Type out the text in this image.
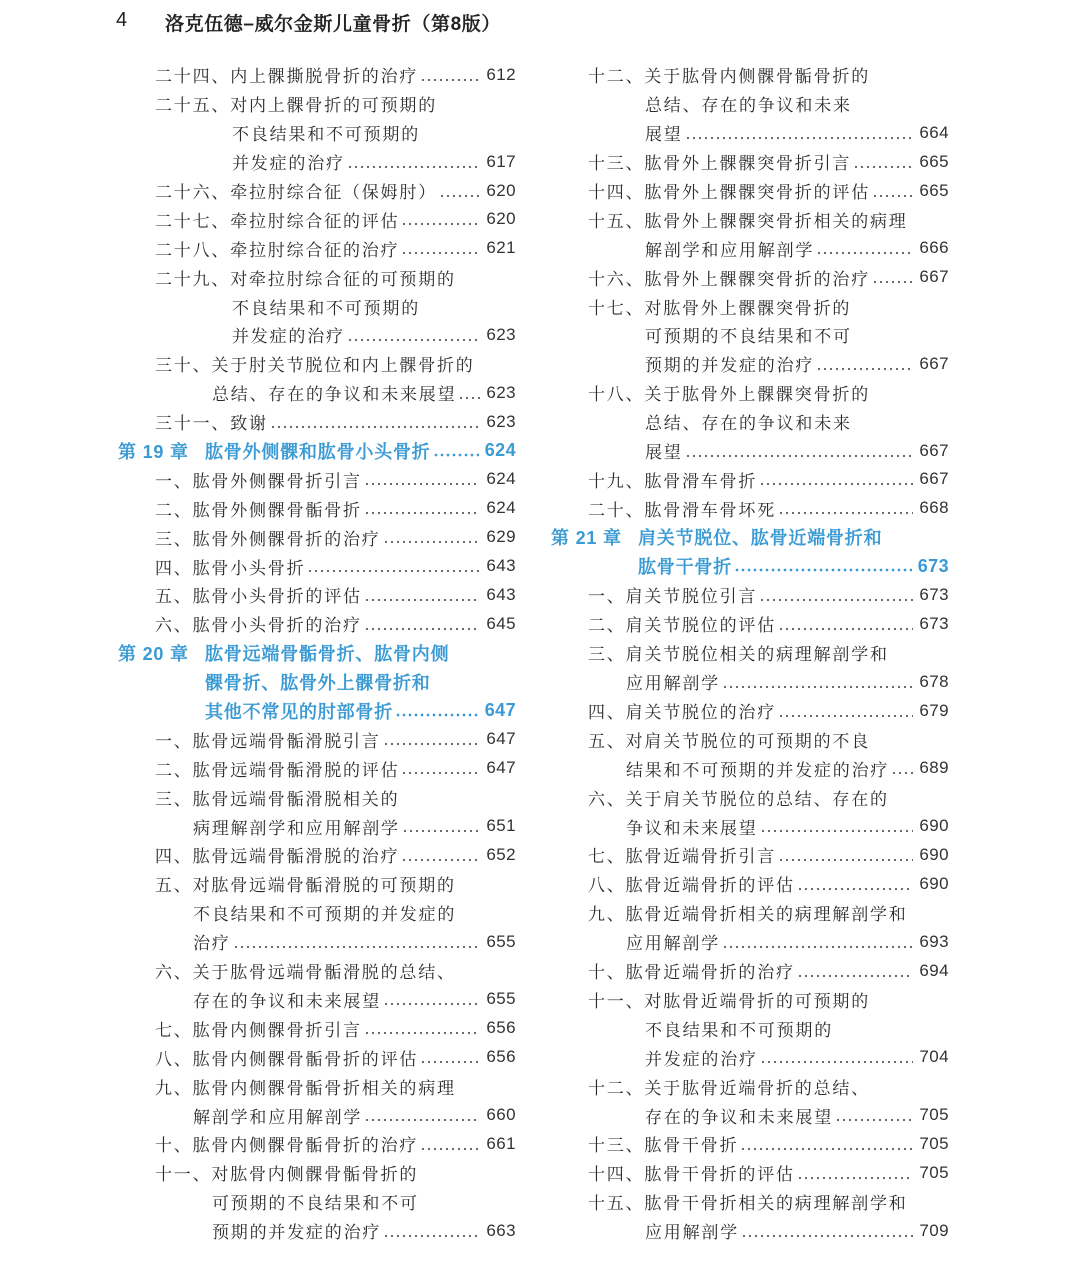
4 洛克伍德–威尔金斯儿童骨折（第8版）
二十四、内上髁撕脱骨折的治疗	612
二十五、对内上髁骨折的可预期的
不良结果和不可预期的
并发症的治疗	617
二十六、牵拉肘综合征（保姆肘）	620
二十七、牵拉肘综合征的评估	620
二十八、牵拉肘综合征的治疗	621
二十九、对牵拉肘综合征的可预期的
不良结果和不可预期的
并发症的治疗	623
三十、关于肘关节脱位和内上髁骨折的
总结、存在的争议和未来展望 623
三十一、致谢	623
第 19 章 肱骨外侧髁和肱骨小头骨折	624
一、肱骨外侧髁骨折引言	624
二、肱骨外侧髁骨骺骨折	624
三、肱骨外侧髁骨折的治疗	629
四、肱骨小头骨折	643
五、肱骨小头骨折的评估	643
六、肱骨小头骨折的治疗	645
第 20 章 肱骨远端骨骺骨折、肱骨内侧
髁骨折、肱骨外上髁骨折和
其他不常见的肘部骨折	647
一、肱骨远端骨骺滑脱引言	647
二、肱骨远端骨骺滑脱的评估	647
三、肱骨远端骨骺滑脱相关的
病理解剖学和应用解剖学	651
四、肱骨远端骨骺滑脱的治疗	652
五、对肱骨远端骨骺滑脱的可预期的
不良结果和不可预期的并发症的
治疗	655
六、关于肱骨远端骨骺滑脱的总结、
存在的争议和未来展望	655
七、肱骨内侧髁骨折引言	656
八、肱骨内侧髁骨骺骨折的评估	656
九、肱骨内侧髁骨骺骨折相关的病理
解剖学和应用解剖学	660
十、肱骨内侧髁骨骺骨折的治疗	661
十一、对肱骨内侧髁骨骺骨折的
可预期的不良结果和不可
预期的并发症的治疗	663
十二、关于肱骨内侧髁骨骺骨折的
总结、存在的争议和未来
展望	664
十三、肱骨外上髁髁突骨折引言	665
十四、肱骨外上髁髁突骨折的评估	665
十五、肱骨外上髁髁突骨折相关的病理
解剖学和应用解剖学	666
十六、肱骨外上髁髁突骨折的治疗	667
十七、对肱骨外上髁髁突骨折的
可预期的不良结果和不可
预期的并发症的治疗	667
十八、关于肱骨外上髁髁突骨折的
总结、存在的争议和未来
展望	667
十九、肱骨滑车骨折	667
二十、肱骨滑车骨坏死	668
第 21 章 肩关节脱位、肱骨近端骨折和
肱骨干骨折	673
一、肩关节脱位引言	673
二、肩关节脱位的评估	673
三、肩关节脱位相关的病理解剖学和
应用解剖学	678
四、肩关节脱位的治疗	679
五、对肩关节脱位的可预期的不良
结果和不可预期的并发症的治疗 689
六、关于肩关节脱位的总结、存在的
争议和未来展望	690
七、肱骨近端骨折引言	690
八、肱骨近端骨折的评估	690
九、肱骨近端骨折相关的病理解剖学和
应用解剖学	693
十、肱骨近端骨折的治疗	694
十一、对肱骨近端骨折的可预期的
不良结果和不可预期的
并发症的治疗	704
十二、关于肱骨近端骨折的总结、
存在的争议和未来展望	705
十三、肱骨干骨折	705
十四、肱骨干骨折的评估	705
十五、肱骨干骨折相关的病理解剖学和
应用解剖学	709
